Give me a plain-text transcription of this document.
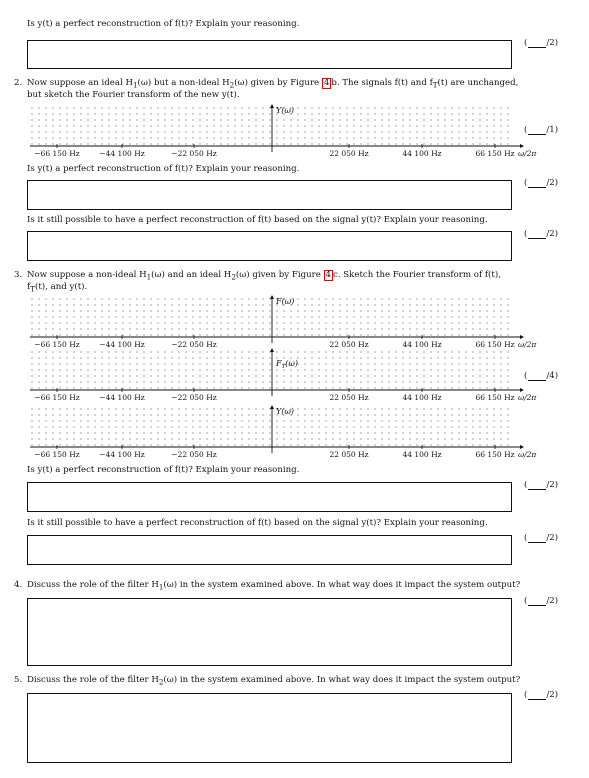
Is y(t) a perfect reconstruction of f(t)? Explain your reasoning.
( /2)
2. Now suppose an ideal $H_1(\omega)$ but a non-ideal $H_2(\omega)$ given by Figure 4 b. The signals f(t) and $f_T(t)$ are unchanged,
but sketch the Fourier transform of the new y(t).
Y(ω)
−66 150 Hz	−44 100 Hz	−22 050 Hz	22 050 Hz	44 100 Hz	66 150 Hz ω/2π
( /1)
Is y(t) a perfect reconstruction of f(t)? Explain your reasoning.
( /2)
Is it still possible to have a perfect reconstruction of f(t) based on the signal y(t)? Explain your reasoning.
( /2)
3. Now suppose a non-ideal $H_1(\omega)$ and an ideal $H_2(\omega)$ given by Figure 4 c. Sketch the Fourier transform of f(t),
$f_T(t)$, and y(t).
F(ω)
−66 150 Hz	−44 100 Hz	−22 050 Hz	22 050 Hz	44 100 Hz	66 150 Hz ω/2π
$F_T(\omega)$
−66 150 Hz	−44 100 Hz	−22 050 Hz	22 050 Hz	44 100 Hz	66 150 Hz ω/2π
( /4)
Y(ω)
−66 150 Hz	−44 100 Hz	−22 050 Hz	22 050 Hz	44 100 Hz	66 150 Hz ω/2π
Is y(t) a perfect reconstruction of f(t)? Explain your reasoning.
( /2)
Is it still possible to have a perfect reconstruction of f(t) based on the signal y(t)? Explain your reasoning.
( /2)
4. Discuss the role of the filter $H_1(\omega)$ in the system examined above. In what way does it impact the system output?
( /2)
5. Discuss the role of the filter $H_2(\omega)$ in the system examined above. In what way does it impact the system output?
( /2)
